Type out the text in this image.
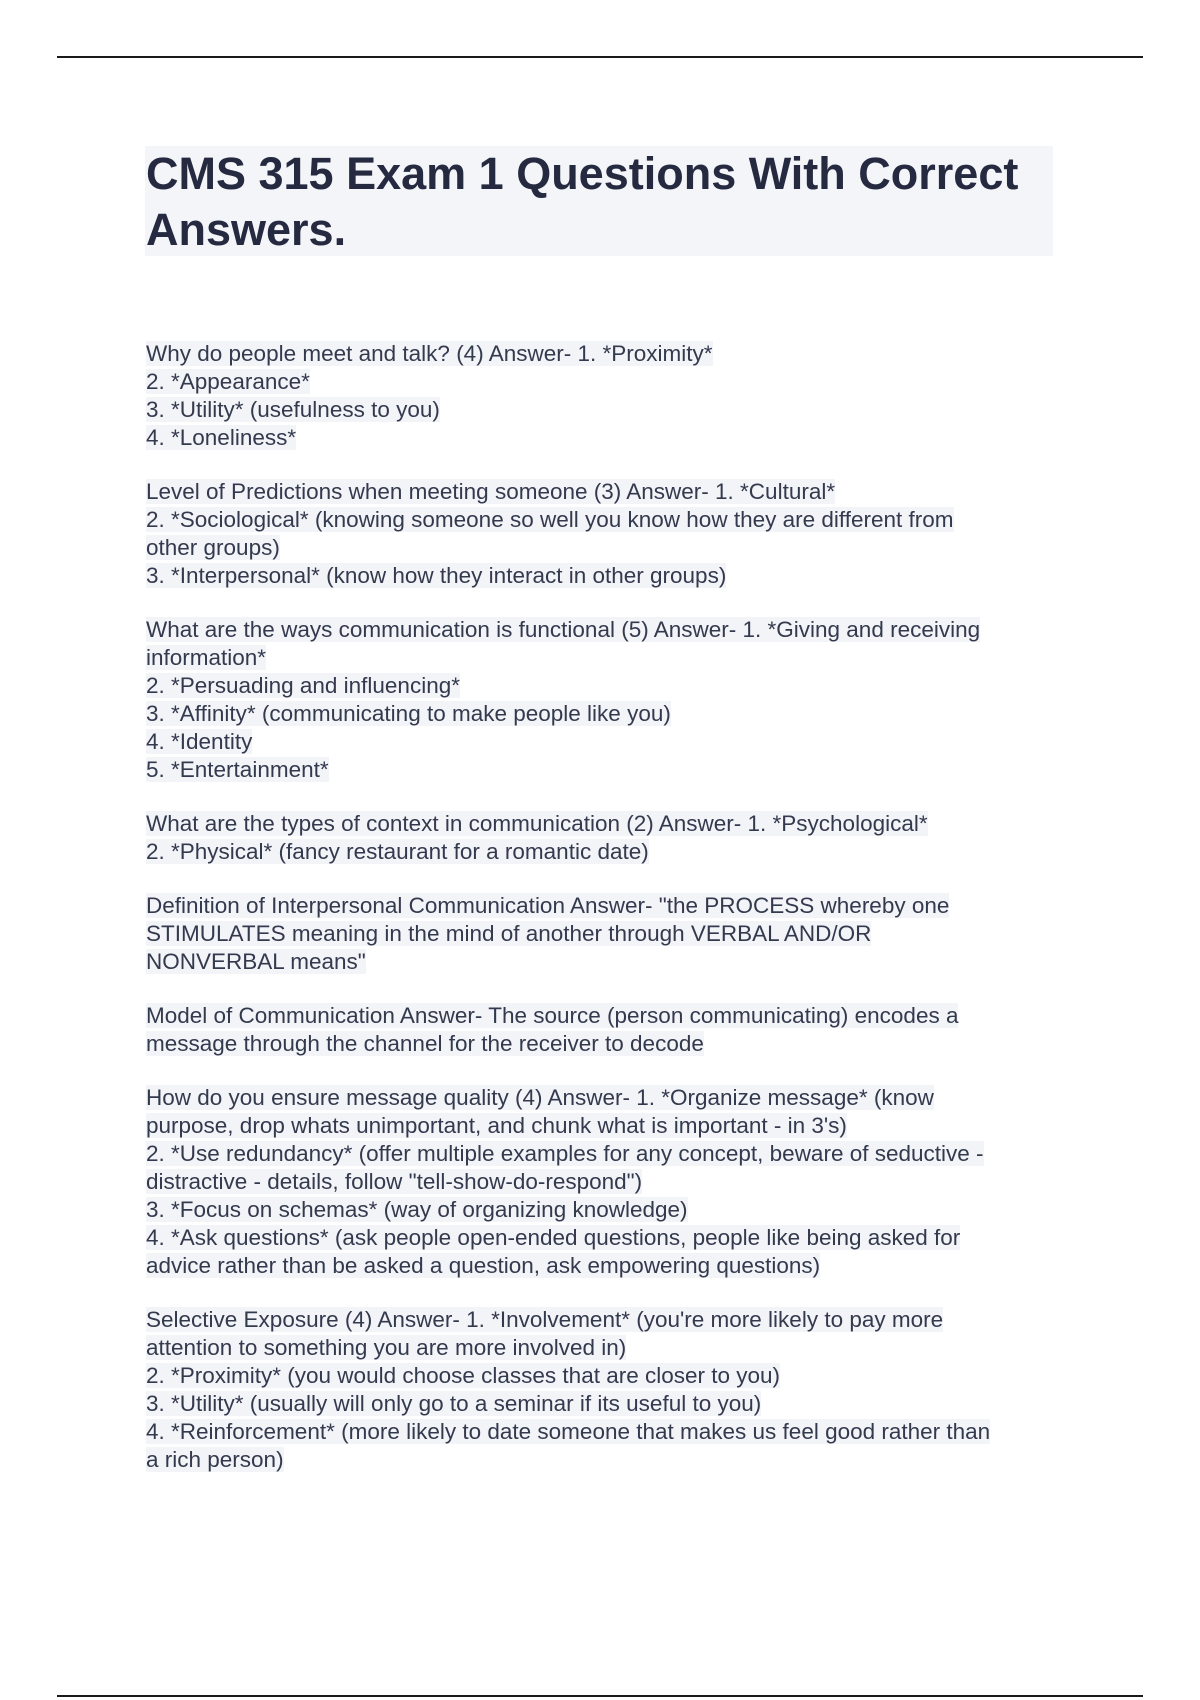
CMS 315 Exam 1 Questions With Correct Answers.
Why do people meet and talk? (4) Answer- 1. *Proximity*
2. *Appearance*
3. *Utility* (usefulness to you)
4. *Loneliness*
Level of Predictions when meeting someone (3) Answer- 1. *Cultural*
2. *Sociological* (knowing someone so well you know how they are different from
other groups)
3. *Interpersonal* (know how they interact in other groups)
What are the ways communication is functional (5) Answer- 1. *Giving and receiving
information*
2. *Persuading and influencing*
3. *Affinity* (communicating to make people like you)
4. *Identity
5. *Entertainment*
What are the types of context in communication (2) Answer- 1. *Psychological*
2. *Physical* (fancy restaurant for a romantic date)
Definition of Interpersonal Communication Answer- "the PROCESS whereby one
STIMULATES meaning in the mind of another through VERBAL AND/OR
NONVERBAL means"
Model of Communication Answer- The source (person communicating) encodes a
message through the channel for the receiver to decode
How do you ensure message quality (4) Answer- 1. *Organize message* (know
purpose, drop whats unimportant, and chunk what is important - in 3's)
2. *Use redundancy* (offer multiple examples for any concept, beware of seductive -
distractive - details, follow "tell-show-do-respond")
3. *Focus on schemas* (way of organizing knowledge)
4. *Ask questions* (ask people open-ended questions, people like being asked for
advice rather than be asked a question, ask empowering questions)
Selective Exposure (4) Answer- 1. *Involvement* (you're more likely to pay more
attention to something you are more involved in)
2. *Proximity* (you would choose classes that are closer to you)
3. *Utility* (usually will only go to a seminar if its useful to you)
4. *Reinforcement* (more likely to date someone that makes us feel good rather than
a rich person)
